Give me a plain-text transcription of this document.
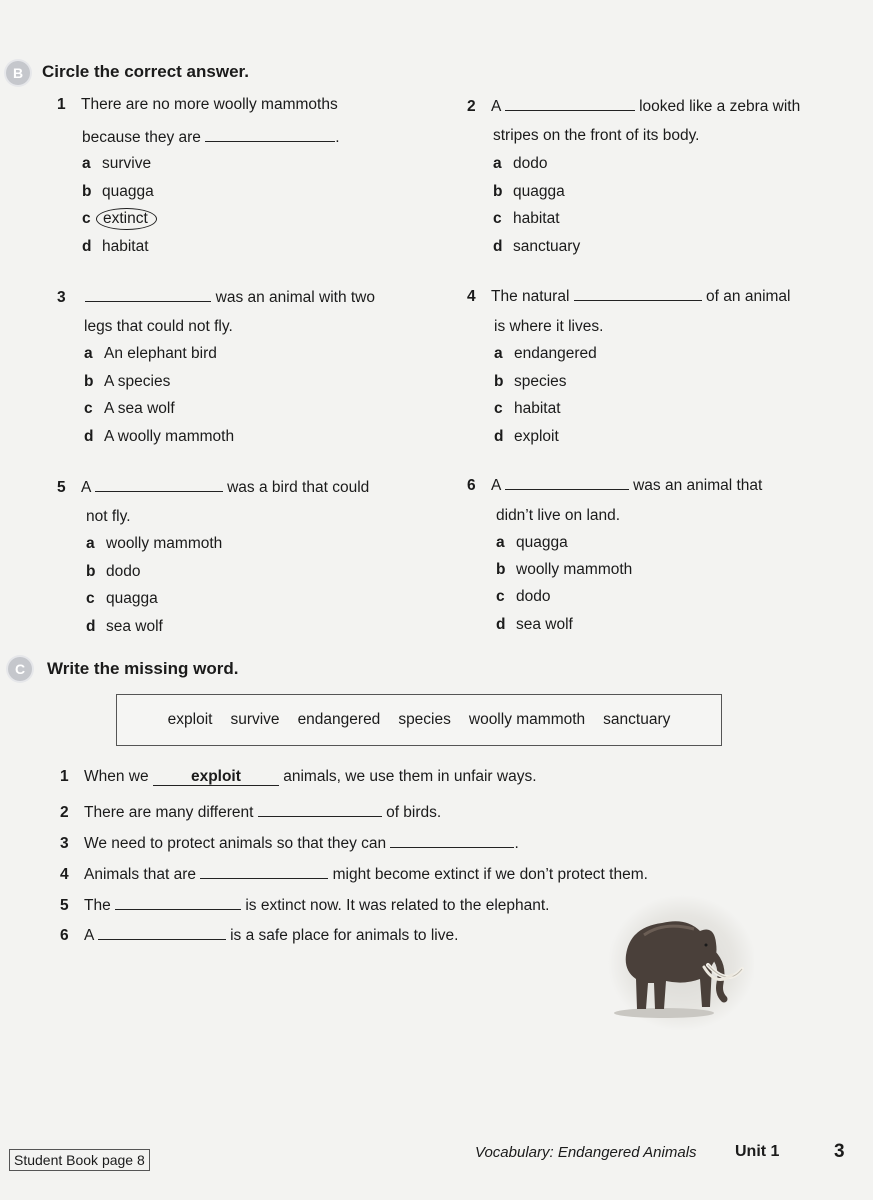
B	Circle the correct answer.
1 There are no more woolly mammoths
because they are	.
a survive
b quagga
c extinct
d habitat
2 A	looked like a zebra with
stripes on the front of its body.
a dodo
b quagga
c habitat
d sanctuary
3	was an animal with two
legs that could not fly.
a An elephant bird
b A species
c A sea wolf
d A woolly mammoth
4 The natural	of an animal
is where it lives.
a endangered
b species
c habitat
d exploit
5 A	was a bird that could
not fly.
a woolly mammoth
b dodo
c quagga
d sea wolf
6 A	was an animal that
didn’t live on land.
a quagga
b woolly mammoth
c dodo
d sea wolf
C	Write the missing word.
exploit survive endangered species woolly mammoth sanctuary
1 When we	exploit	animals, we use them in unfair ways.
2 There are many different	of birds.
3 We need to protect animals so that they can	.
4 Animals that are	might become extinct if we don’t protect them.
5 The	is extinct now. It was related to the elephant.
6 A	is a safe place for animals to live.
Student Book page 8	Vocabulary: Endangered Animals Unit 1	3
